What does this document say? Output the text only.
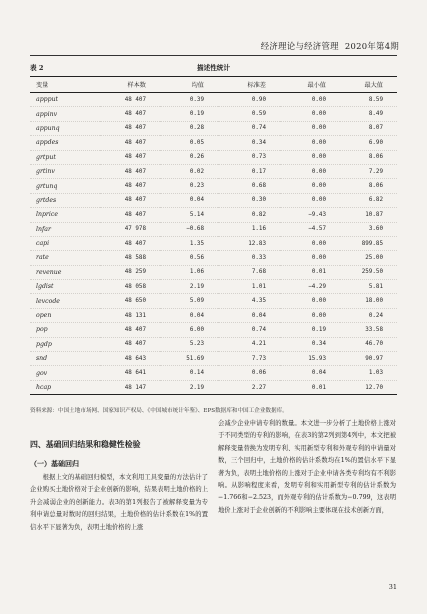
经济理论与经济管理 2020年第4期
表 2	描述性统计
变量	样本数	均值	标准差	最小值	最大值
appput	48 407	0.39	0.90	0.00	8.59
appinv	48 407	0.19	0.59	0.00	8.49
appunq	48 407	0.28	0.74	0.00	8.07
appdes	48 407	0.05	0.34	0.00	6.90
grtput	48 407	0.26	0.73	0.00	8.06
grtinv	48 407	0.02	0.17	0.00	7.29
grtunq	48 407	0.23	0.68	0.00	8.06
grtdes	48 407	0.04	0.30	0.00	6.82
lnprice	48 407	5.14	0.82	−9.43	10.87
lnfar	47 978	−0.68	1.16	−4.57	3.60
capi	48 407	1.35	12.83	0.00	899.85
rate	48 588	0.56	0.33	0.00	25.00
revenue	48 259	1.06	7.68	0.01	259.50
lgdist	48 058	2.19	1.01	−4.29	5.81
levcode	48 650	5.09	4.35	0.00	18.00
open	48 131	0.04	0.04	0.00	0.24
pop	48 407	6.00	0.74	0.19	33.58
pgdp	48 407	5.23	4.21	0.34	46.70
snd	48 643	51.69	7.73	15.93	90.97
gov	48 641	0.14	0.06	0.04	1.03
hcap	48 147	2.19	2.27	0.01	12.70
资料来源：中国土地市场网、国家知识产权局、《中国城市统计年鉴》、EPS数据库和中国工企业数据库。
四、基础回归结果和稳健性检验
（一）基础回归

根据上文的基础回归模型，本文利用工具变量的方法估计了企业购买土地价格对于企业创新的影响，结果表明土地价格的上升会减弱企业的创新能力。表3的第1列报告了被解释变量为专利申请总量对数时的回归结果，土地价格的估计系数在1%的置信水平下显著为负，表明土地价格的上涨

会减少企业申请专利的数量。本文进一步分析了土地价格上涨对于不同类型的专利的影响，在表3的第2列到第4列中，本文把被解释变量替换为发明专利、实用新型专利和外观专利的申请量对数，三个回归中，土地价格的估计系数均在1%的置信水平下显著为负，表明土地价格的上涨对于企业申请各类专利均有不利影响。从影响程度来看，发明专利和实用新型专利的估计系数为−1.766和−2.523，而外观专利的估计系数为−0.799，这表明地价上涨对于企业创新的不利影响主要体现在技术创新方面，

31
